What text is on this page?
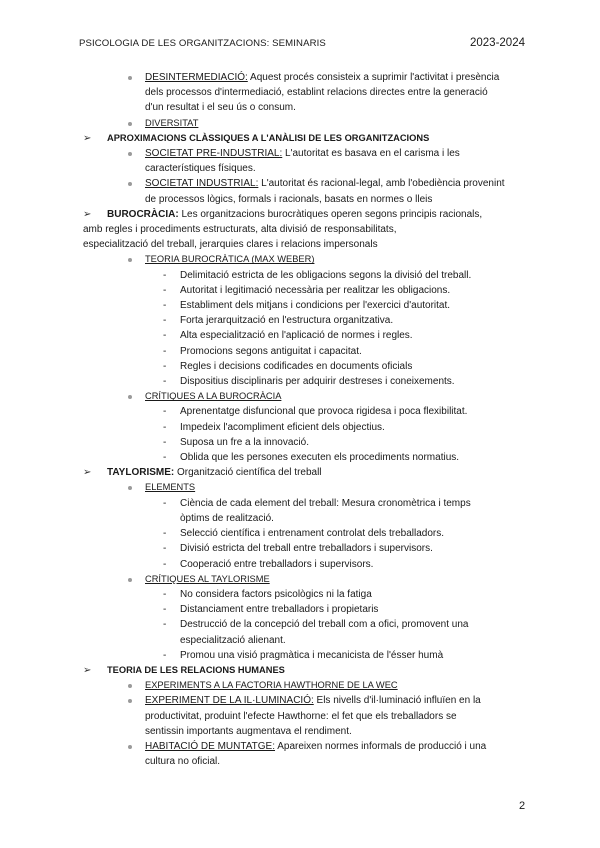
PSICOLOGIA DE LES ORGANITZACIONS: SEMINARIS	2023-2024
DESINTERMEDIACIÓ: Aquest procés consisteix a suprimir l'activitat i presència
dels processos d'intermediació, establint relacions directes entre la generació
d'un resultat i el seu ús o consum.
DIVERSITAT
➢ APROXIMACIONS CLÀSSIQUES A L'ANÀLISI DE LES ORGANITZACIONS
SOCIETAT PRE-INDUSTRIAL: L'autoritat es basava en el carisma i les
característiques físiques.
SOCIETAT INDUSTRIAL: L'autoritat és racional-legal, amb l'obediència provenint
de processos lògics, formals i racionals, basats en normes o lleis
➢ BUROCRÀCIA: Les organitzacions burocràtiques operen segons principis racionals,
amb regles i procediments estructurats, alta divisió de responsabilitats,
especialització del treball, jerarquies clares i relacions impersonals
TEORIA BUROCRÀTICA (MAX WEBER)
- Delimitació estricta de les obligacions segons la divisió del treball.
- Autoritat i legitimació necessària per realitzar les obligacions.
- Establiment dels mitjans i condicions per l'exercici d'autoritat.
- Forta jerarquització en l'estructura organitzativa.
- Alta especialització en l'aplicació de normes i regles.
- Promocions segons antiguitat i capacitat.
- Regles i decisions codificades en documents oficials
- Dispositius disciplinaris per adquirir destreses i coneixements.
CRÍTIQUES A LA BUROCRÀCIA
- Aprenentatge disfuncional que provoca rigidesa i poca flexibilitat.
- Impedeix l'acompliment eficient dels objectius.
- Suposa un fre a la innovació.
- Oblida que les persones executen els procediments normatius.
➢ TAYLORISME: Organització científica del treball
ELEMENTS
- Ciència de cada element del treball: Mesura cronomètrica i temps
òptims de realització.
- Selecció científica i entrenament controlat dels treballadors.
- Divisió estricta del treball entre treballadors i supervisors.
- Cooperació entre treballadors i supervisors.
CRÍTIQUES AL TAYLORISME
- No considera factors psicològics ni la fatiga
- Distanciament entre treballadors i propietaris
- Destrucció de la concepció del treball com a ofici, promovent una
especialització alienant.
- Promou una visió pragmàtica i mecanicista de l'ésser humà
➢ TEORIA DE LES RELACIONS HUMANES
EXPERIMENTS A LA FACTORIA HAWTHORNE DE LA WEC
EXPERIMENT DE LA IL·LUMINACIÓ: Els nivells d'il·luminació influïen en la
productivitat, produint l'efecte Hawthorne: el fet que els treballadors se
sentissin importants augmentava el rendiment.
HABITACIÓ DE MUNTATGE: Apareixen normes informals de producció i una
cultura no oficial.
2
